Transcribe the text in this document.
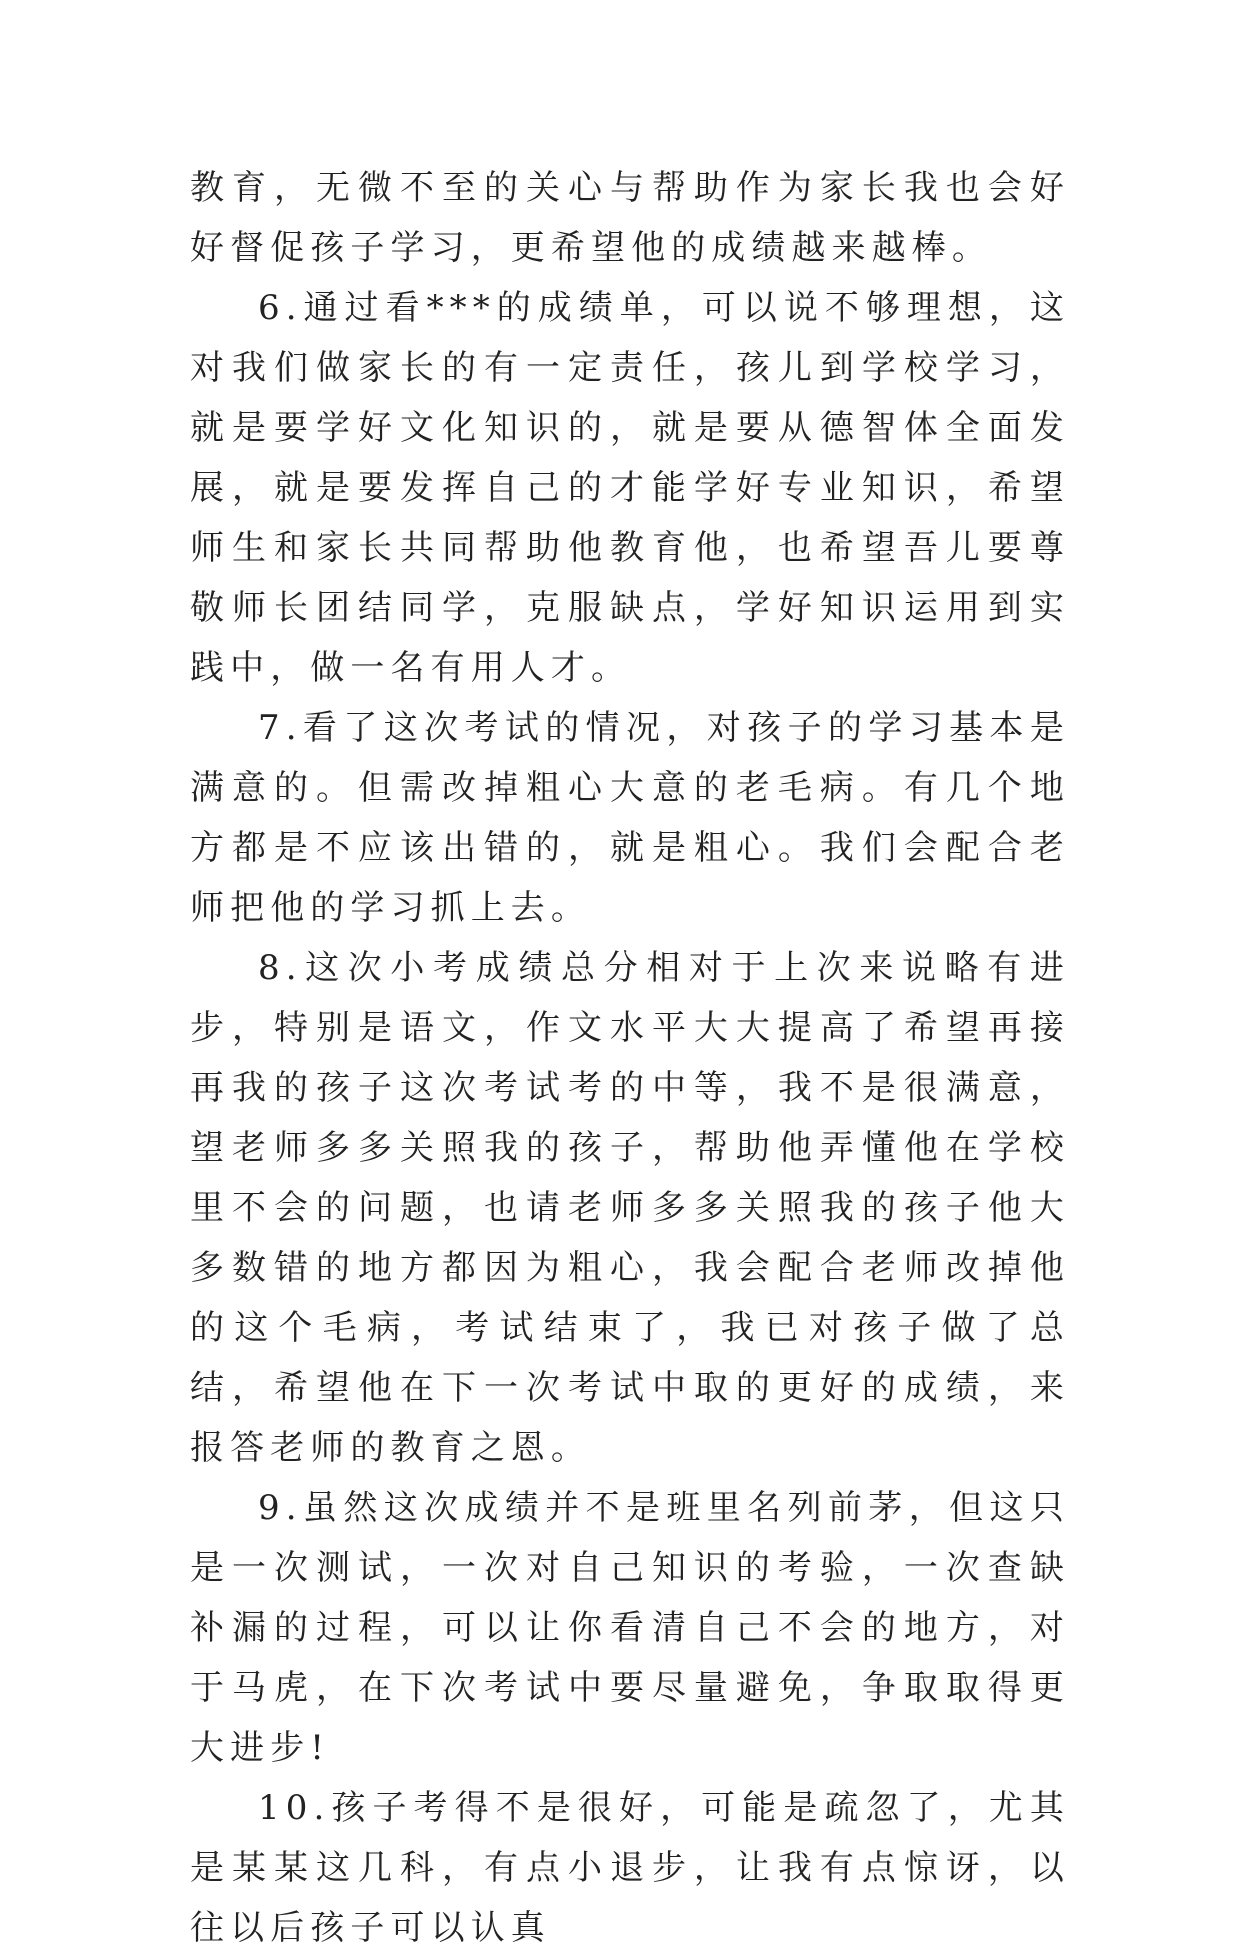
教育，无微不至的关心与帮助作为家长我也会好好督促孩子学习，更希望他的成绩越来越棒。

6.通过看***的成绩单，可以说不够理想，这对我们做家长的有一定责任，孩儿到学校学习，就是要学好文化知识的，就是要从德智体全面发展，就是要发挥自己的才能学好专业知识，希望师生和家长共同帮助他教育他，也希望吾儿要尊敬师长团结同学，克服缺点，学好知识运用到实践中，做一名有用人才。

7.看了这次考试的情况，对孩子的学习基本是满意的。但需改掉粗心大意的老毛病。有几个地方都是不应该出错的，就是粗心。我们会配合老师把他的学习抓上去。

8.这次小考成绩总分相对于上次来说略有进步，特别是语文，作文水平大大提高了希望再接再我的孩子这次考试考的中等，我不是很满意，望老师多多关照我的孩子，帮助他弄懂他在学校里不会的问题，也请老师多多关照我的孩子他大多数错的地方都因为粗心，我会配合老师改掉他的这个毛病，考试结束了，我已对孩子做了总结，希望他在下一次考试中取的更好的成绩，来报答老师的教育之恩。

9.虽然这次成绩并不是班里名列前茅，但这只是一次测试，一次对自己知识的考验，一次查缺补漏的过程，可以让你看清自己不会的地方，对于马虎，在下次考试中要尽量避免，争取取得更大进步!

10.孩子考得不是很好，可能是疏忽了，尤其是某某这几科，有点小退步，让我有点惊讶，以往以后孩子可以认真
